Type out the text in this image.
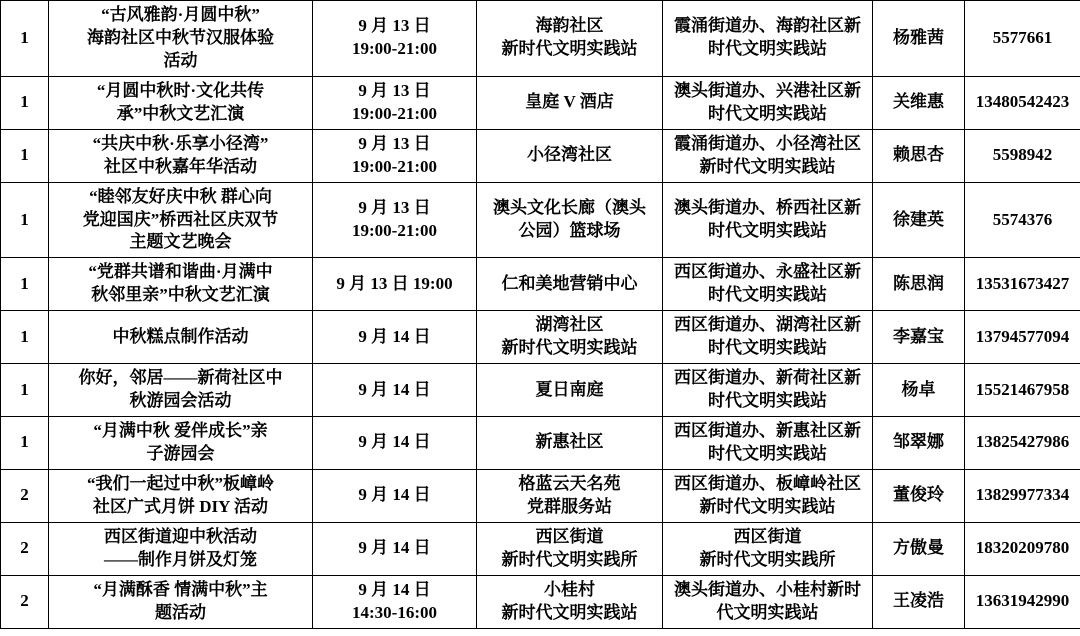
1	“古风雅韵·月圆中秋”
海韵社区中秋节汉服体验
活动	9 月 13 日
19:00-21:00	海韵社区
新时代文明实践站	霞涌街道办、海韵社区新
时代文明实践站	杨雅茜	5577661

1	“月圆中秋时·文化共传
承”中秋文艺汇演	9 月 13 日
19:00-21:00	皇庭 V 酒店	澳头街道办、兴港社区新
时代文明实践站	关维惠	13480542423

1	“共庆中秋·乐享小径湾”
社区中秋嘉年华活动	9 月 13 日
19:00-21:00	小径湾社区	霞涌街道办、小径湾社区
新时代文明实践站	赖思杏	5598942

1	“睦邻友好庆中秋 群心向
党迎国庆”桥西社区庆双节
主题文艺晚会	9 月 13 日
19:00-21:00	澳头文化长廊（澳头
公园）篮球场	澳头街道办、桥西社区新
时代文明实践站	徐建英	5574376

1	“党群共谱和谐曲·月满中
秋邻里亲”中秋文艺汇演	9 月 13 日 19:00	仁和美地营销中心	西区街道办、永盛社区新
时代文明实践站	陈思润	13531673427

1	中秋糕点制作活动	9 月 14 日	湖湾社区
新时代文明实践站	西区街道办、湖湾社区新
时代文明实践站	李嘉宝	13794577094

1	你好，邻居——新荷社区中
秋游园会活动	9 月 14 日	夏日南庭	西区街道办、新荷社区新
时代文明实践站	杨卓	15521467958

1	“月满中秋 爱伴成长”亲
子游园会	9 月 14 日	新惠社区	西区街道办、新惠社区新
时代文明实践站	邹翠娜	13825427986

2	“我们一起过中秋”板嶂岭
社区广式月饼 DIY 活动	9 月 14 日	格蓝云天名苑
党群服务站	西区街道办、板嶂岭社区
新时代文明实践站	董俊玲	13829977334

2	西区街道迎中秋活动
——制作月饼及灯笼	9 月 14 日	西区街道
新时代文明实践所	西区街道
新时代文明实践所	方傲曼	18320209780

2	“月满酥香 情满中秋”主
题活动	9 月 14 日
14:30-16:00	小桂村
新时代文明实践站	澳头街道办、小桂村新时
代文明实践站	王凌浩	13631942990
